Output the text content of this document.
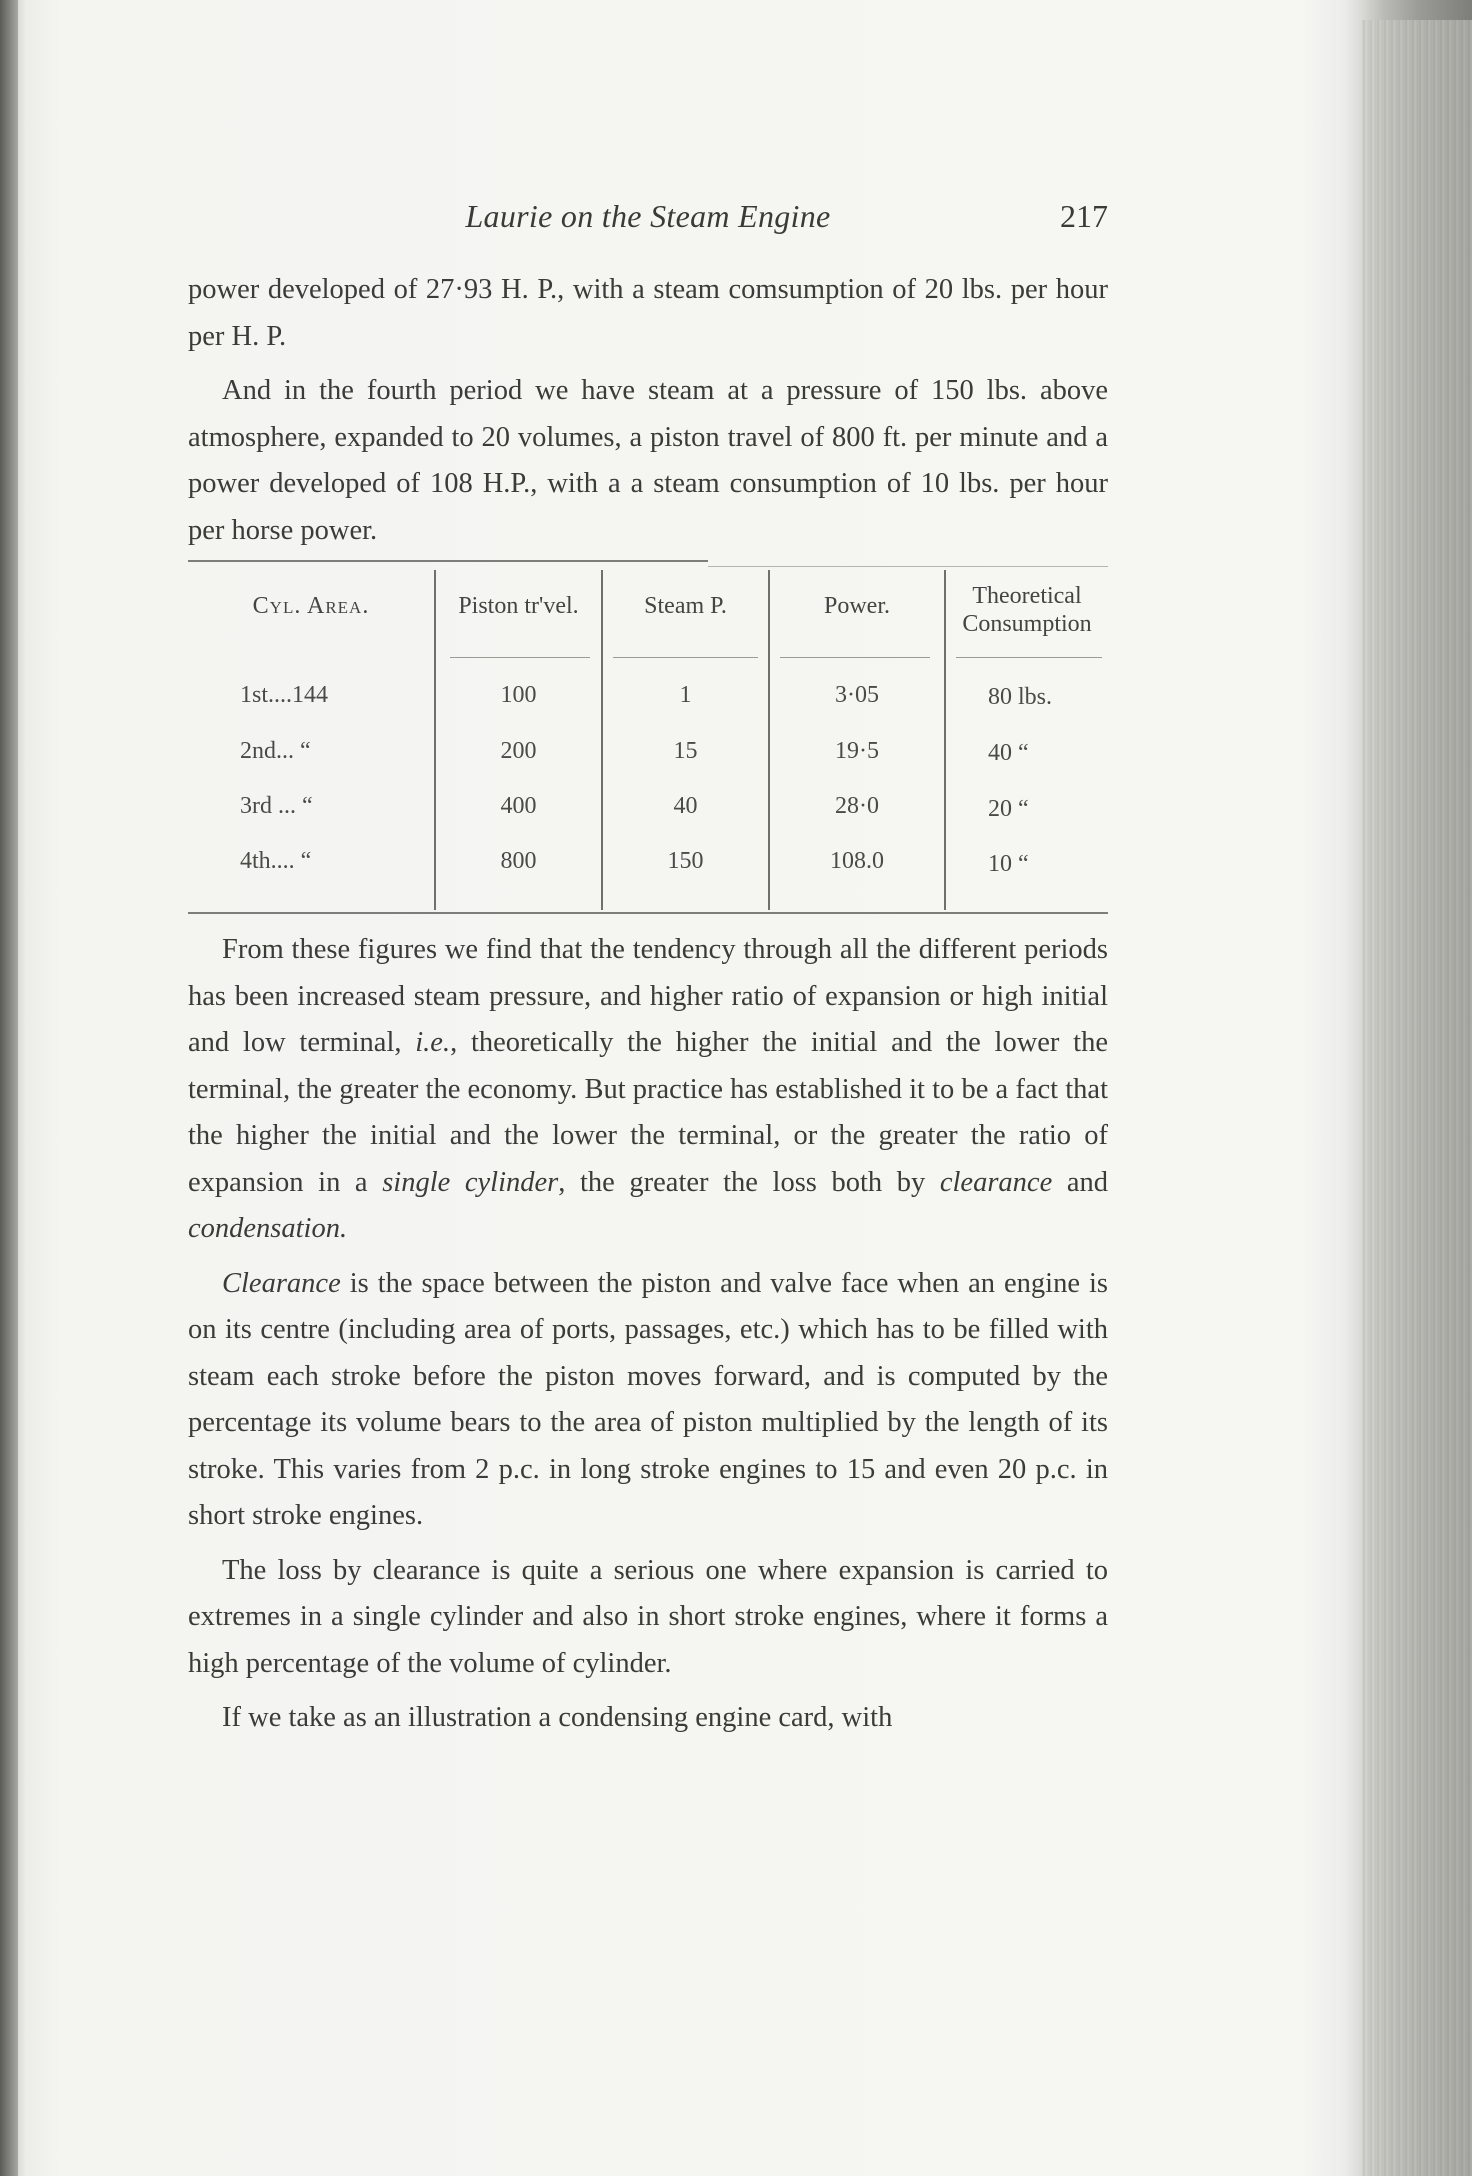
Laurie on the Steam Engine	217

power developed of 27·93 H. P., with a steam comsumption of 20 lbs. per hour per H. P.

And in the fourth period we have steam at a pressure of 150 lbs. above atmosphere, expanded to 20 volumes, a piston travel of 800 ft. per minute and a power developed of 108 H.P., with a a steam consumption of 10 lbs. per hour per horse power.

Cyl. Area.	Piston tr'vel.	Steam P.	Power.	Theoretical
Consumption
1st....144	100	1	3·05	80 lbs.
2nd... “	200	15	19·5	40 “
3rd ... “	400	40	28·0	20 “
4th.... “	800	150	108.0	10 “

From these figures we find that the tendency through all the different periods has been increased steam pressure, and higher ratio of expansion or high initial and low terminal, i.e., theoretically the higher the initial and the lower the terminal, the greater the economy. But practice has established it to be a fact that the higher the initial and the lower the terminal, or the greater the ratio of expansion in a single cylinder, the greater the loss both by clearance and condensation.

Clearance is the space between the piston and valve face when an engine is on its centre (including area of ports, passages, etc.) which has to be filled with steam each stroke before the piston moves forward, and is computed by the percentage its volume bears to the area of piston multiplied by the length of its stroke. This varies from 2 p.c. in long stroke engines to 15 and even 20 p.c. in short stroke engines.

The loss by clearance is quite a serious one where expansion is carried to extremes in a single cylinder and also in short stroke engines, where it forms a high percentage of the volume of cylinder.

If we take as an illustration a condensing engine card, with
